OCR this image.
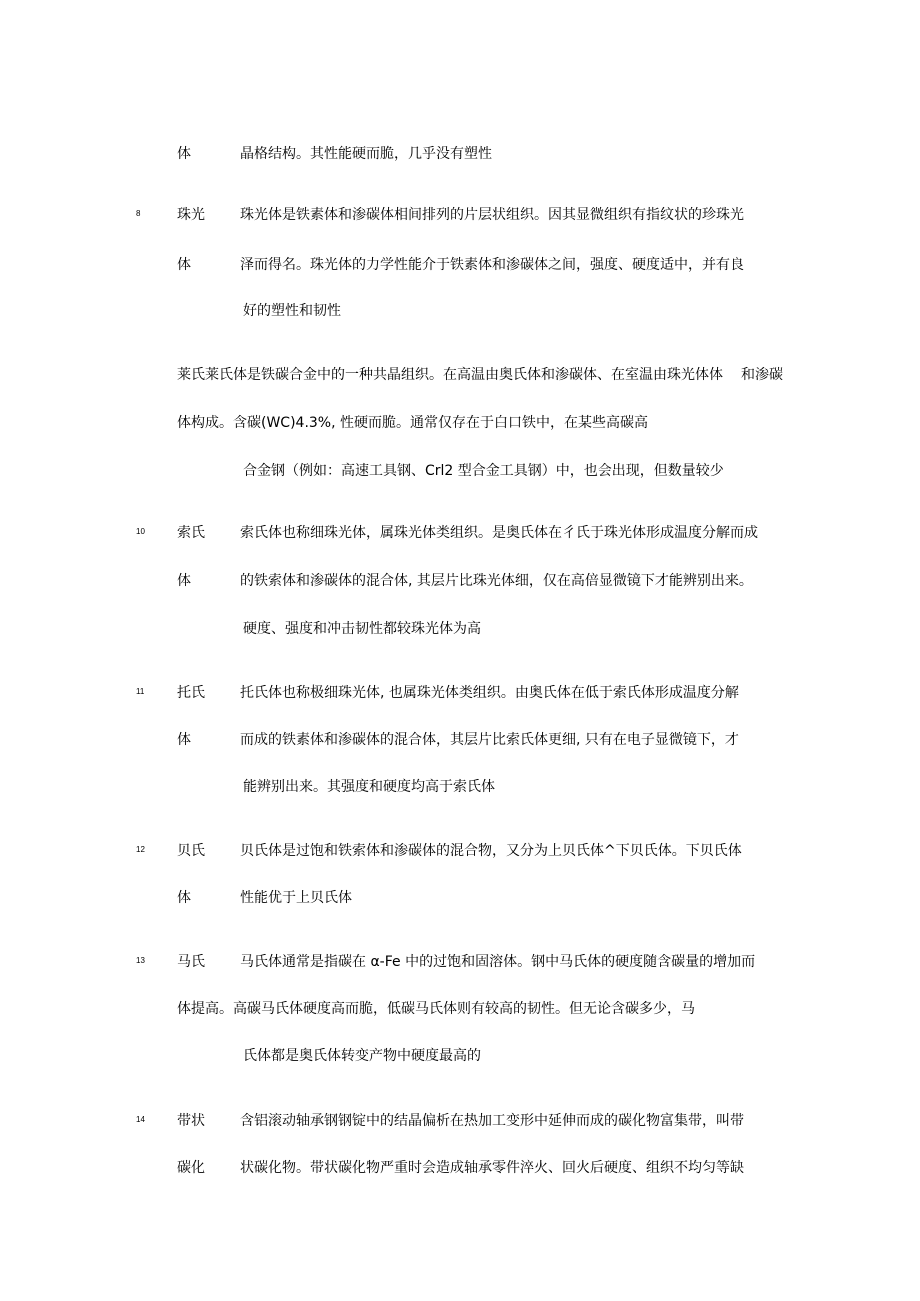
体	晶格结构。其性能硬而脆，几乎没有塑性
8	珠光	珠光体是铁素体和渗碳体相间排列的片层状组织。因其显微组织有指纹状的珍珠光
体	泽而得名。珠光体的力学性能介于铁素体和渗碳体之间，强度、硬度适中，并有良
好的塑性和韧性
莱氏莱氏体是铁碳合金中的一种共晶组织。在高温由奥氏体和渗碳体、在室温由珠光体体 和渗碳
体构成。含碳(WC)4.3%, 性硬而脆。通常仅存在于白口铁中，在某些高碳高
合金钢（例如：高速工具钢、Crl2 型合金工具钢）中，也会出现，但数量较少
10 索氏	索氏体也称细珠光体，属珠光体类组织。是奥氏体在彳氏于珠光体形成温度分解而成
体	的铁索体和渗碳体的混合体, 其层片比珠光体细，仅在高倍显微镜下才能辨别出来。
硬度、强度和冲击韧性都较珠光体为高
11 托氏	托氏体也称极细珠光体, 也属珠光体类组织。由奥氏体在低于索氏体形成温度分解
体	而成的铁素体和渗碳体的混合体，其层片比索氏体更细, 只有在电子显微镜下，才
能辨别出来。其强度和硬度均高于索氏体
12 贝氏	贝氏体是过饱和铁索体和渗碳体的混合物，又分为上贝氏体^下贝氏体。下贝氏体
体	性能优于上贝氏体
13 马氏	马氏体通常是指碳在 α-Fe 中的过饱和固溶体。钢中马氏体的硬度随含碳量的增加而
体提高。高碳马氏体硬度高而脆，低碳马氏体则有较高的韧性。但无论含碳多少，马
氏体都是奥氏体转变产物中硬度最高的
14 带状	含铝滚动轴承钢钢锭中的结晶偏析在热加工变形中延伸而成的碳化物富集带，叫带
碳化	状碳化物。带状碳化物严重时会造成轴承零件淬火、回火后硬度、组织不均匀等缺
